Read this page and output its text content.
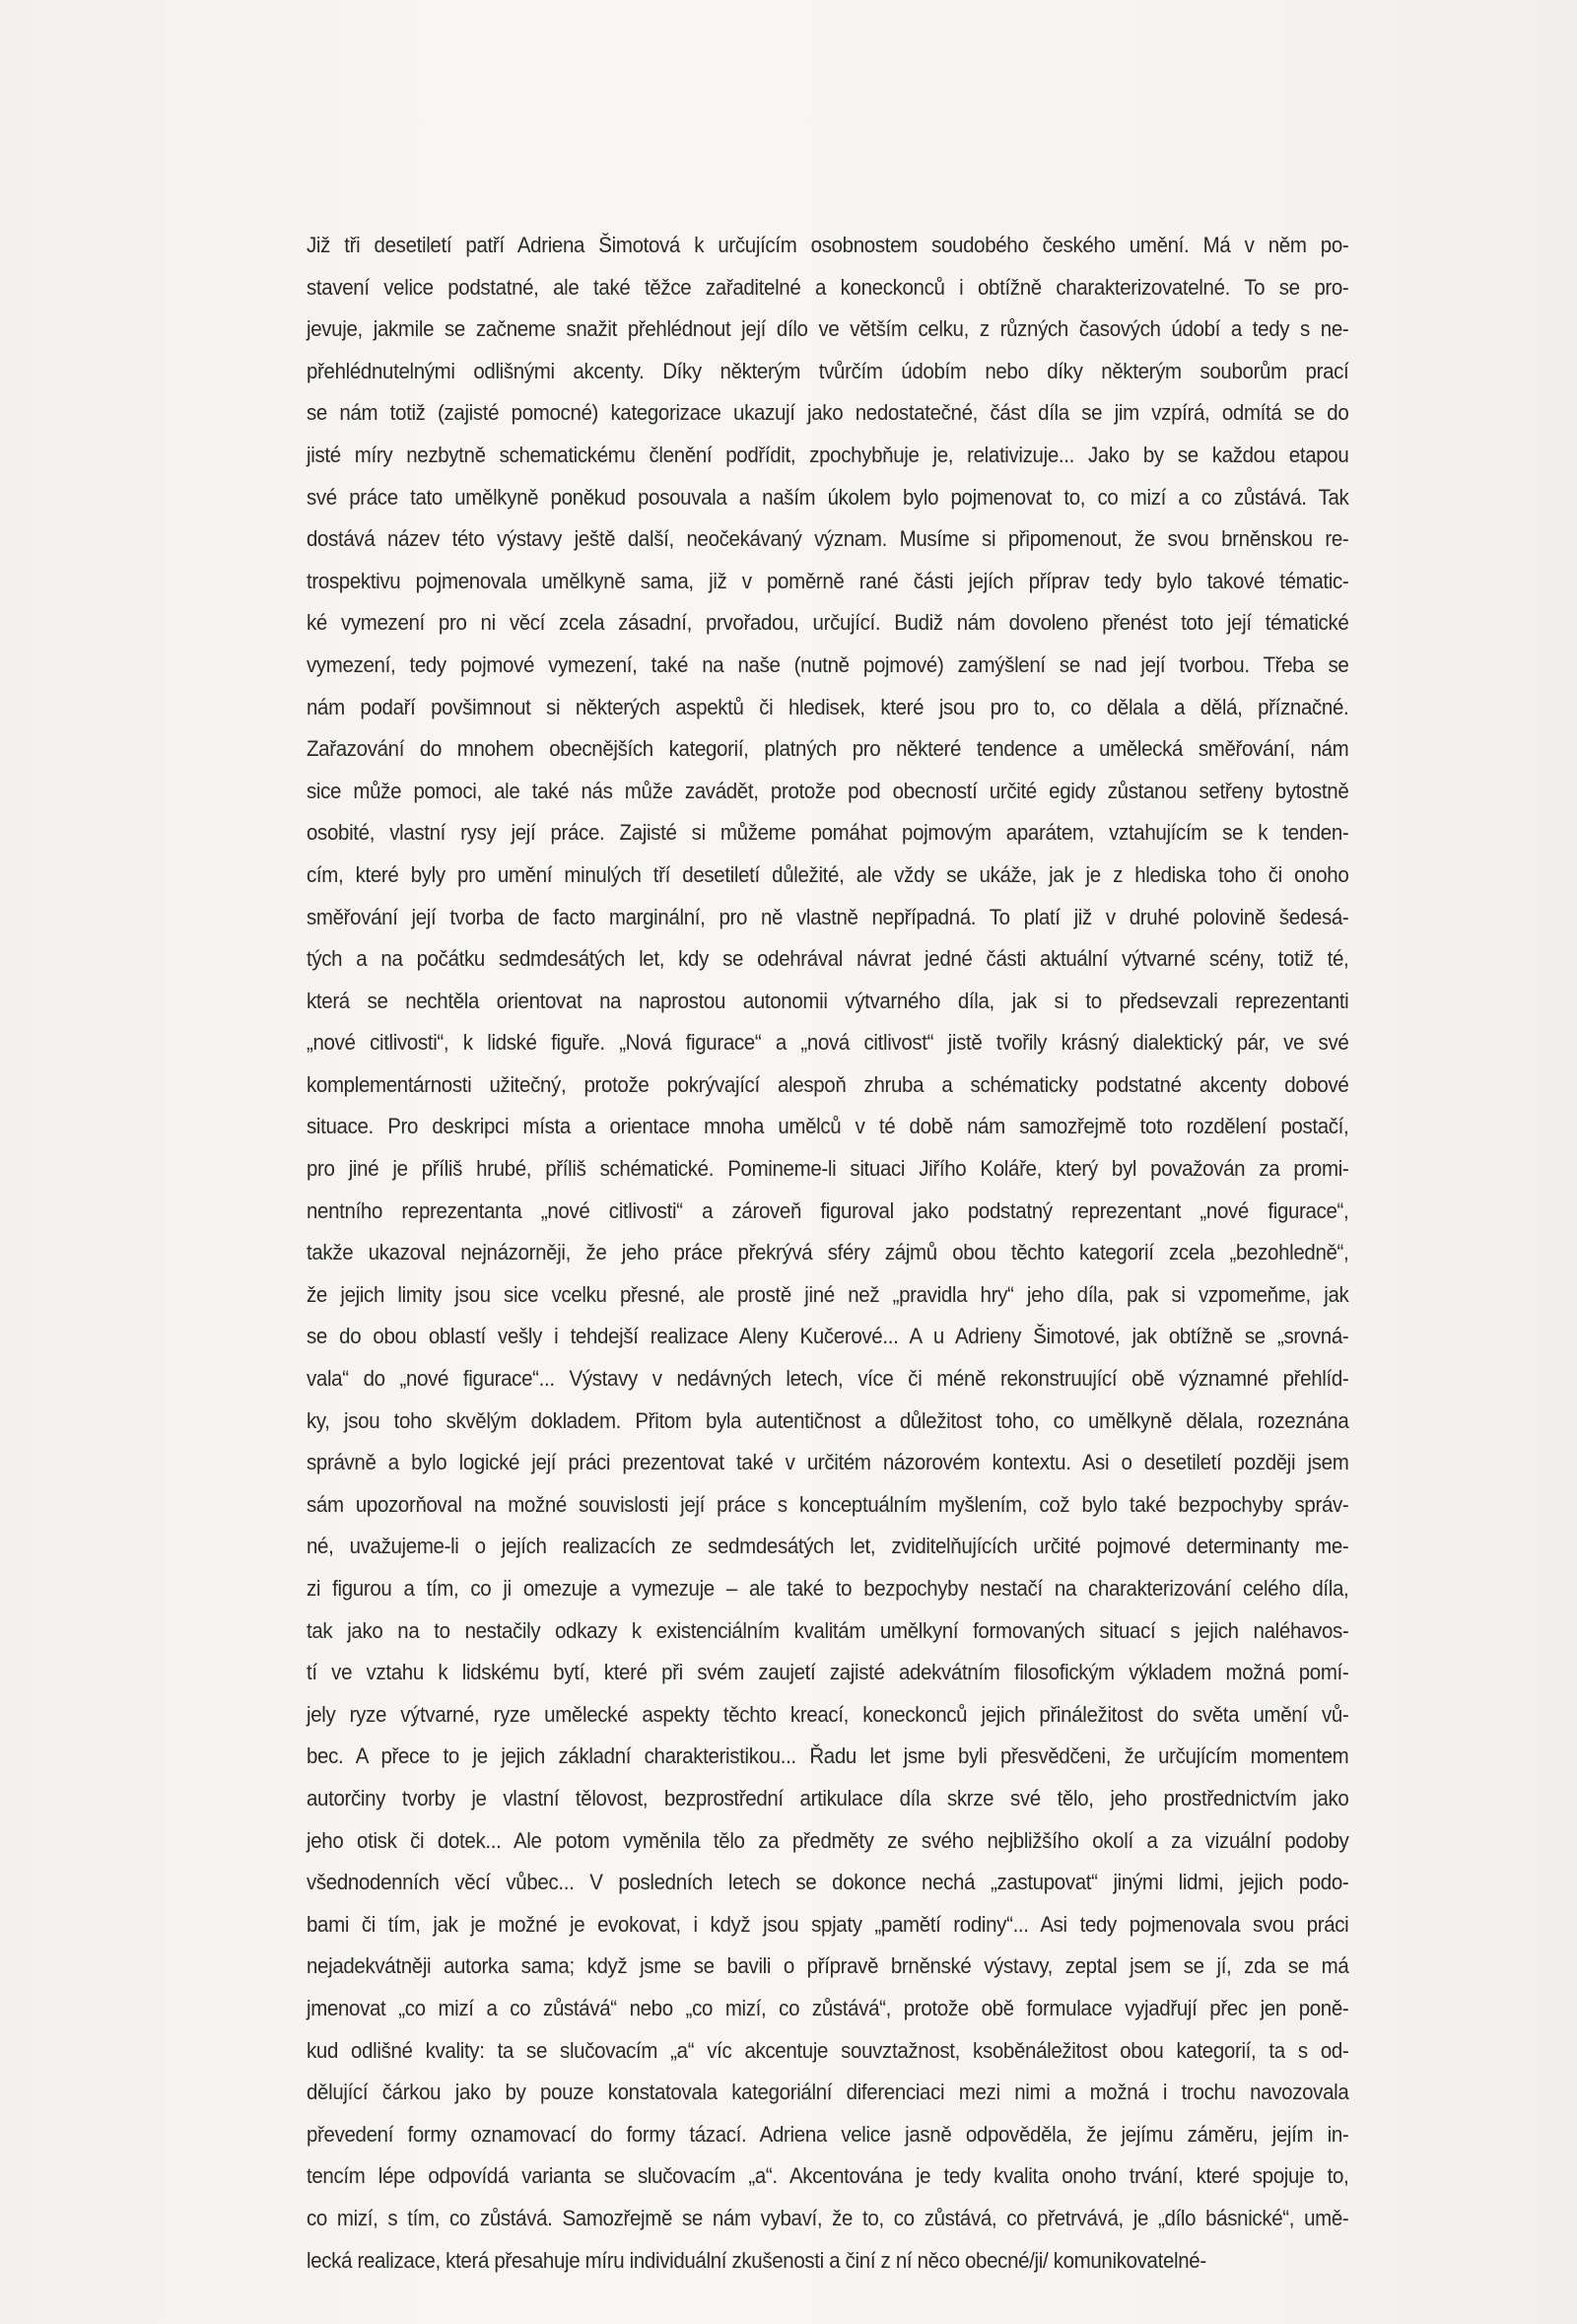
Již tři desetiletí patří Adriena Šimotová k určujícím osobnostem soudobého českého umění. Má v něm po-
stavení velice podstatné, ale také těžce zařaditelné a koneckonců i obtížně charakterizovatelné. To se pro-
jevuje, jakmile se začneme snažit přehlédnout její dílo ve větším celku, z různých časových údobí a tedy s ne-
přehlédnutelnými odlišnými akcenty. Díky některým tvůrčím údobím nebo díky některým souborům prací
se nám totiž (zajisté pomocné) kategorizace ukazují jako nedostatečné, část díla se jim vzpírá, odmítá se do
jisté míry nezbytně schematickému členění podřídit, zpochybňuje je, relativizuje... Jako by se každou etapou
své práce tato umělkyně poněkud posouvala a naším úkolem bylo pojmenovat to, co mizí a co zůstává. Tak
dostává název této výstavy ještě další, neočekávaný význam. Musíme si připomenout, že svou brněnskou re-
trospektivu pojmenovala umělkyně sama, již v poměrně rané části jejích příprav tedy bylo takové tématic-
ké vymezení pro ni věcí zcela zásadní, prvořadou, určující. Budiž nám dovoleno přenést toto její tématické
vymezení, tedy pojmové vymezení, také na naše (nutně pojmové) zamýšlení se nad její tvorbou. Třeba se
nám podaří povšimnout si některých aspektů či hledisek, které jsou pro to, co dělala a dělá, příznačné.
Zařazování do mnohem obecnějších kategorií, platných pro některé tendence a umělecká směřování, nám
sice může pomoci, ale také nás může zavádět, protože pod obecností určité egidy zůstanou setřeny bytostně
osobité, vlastní rysy její práce. Zajisté si můžeme pomáhat pojmovým aparátem, vztahujícím se k tenden-
cím, které byly pro umění minulých tří desetiletí důležité, ale vždy se ukáže, jak je z hlediska toho či onoho
směřování její tvorba de facto marginální, pro ně vlastně nepřípadná. To platí již v druhé polovině šedesá-
tých a na počátku sedmdesátých let, kdy se odehrával návrat jedné části aktuální výtvarné scény, totiž té,
která se nechtěla orientovat na naprostou autonomii výtvarného díla, jak si to předsevzali reprezentanti
„nové citlivosti“, k lidské figuře. „Nová figurace“ a „nová citlivost“ jistě tvořily krásný dialektický pár, ve své
komplementárnosti užitečný, protože pokrývající alespoň zhruba a schématicky podstatné akcenty dobové
situace. Pro deskripci místa a orientace mnoha umělců v té době nám samozřejmě toto rozdělení postačí,
pro jiné je příliš hrubé, příliš schématické. Pomineme-li situaci Jiřího Koláře, který byl považován za promi-
nentního reprezentanta „nové citlivosti“ a zároveň figuroval jako podstatný reprezentant „nové figurace“,
takže ukazoval nejnázorněji, že jeho práce překrývá sféry zájmů obou těchto kategorií zcela „bezohledně“,
že jejich limity jsou sice vcelku přesné, ale prostě jiné než „pravidla hry“ jeho díla, pak si vzpomeňme, jak
se do obou oblastí vešly i tehdejší realizace Aleny Kučerové... A u Adrieny Šimotové, jak obtížně se „srovná-
vala“ do „nové figurace“... Výstavy v nedávných letech, více či méně rekonstruující obě významné přehlíd-
ky, jsou toho skvělým dokladem. Přitom byla autentičnost a důležitost toho, co umělkyně dělala, rozeznána
správně a bylo logické její práci prezentovat také v určitém názorovém kontextu. Asi o desetiletí později jsem
sám upozorňoval na možné souvislosti její práce s konceptuálním myšlením, což bylo také bezpochyby správ-
né, uvažujeme-li o jejích realizacích ze sedmdesátých let, zviditelňujících určité pojmové determinanty me-
zi figurou a tím, co ji omezuje a vymezuje – ale také to bezpochyby nestačí na charakterizování celého díla,
tak jako na to nestačily odkazy k existenciálním kvalitám umělkyní formovaných situací s jejich naléhavos-
tí ve vztahu k lidskému bytí, které při svém zaujetí zajisté adekvátním filosofickým výkladem možná pomí-
jely ryze výtvarné, ryze umělecké aspekty těchto kreací, koneckonců jejich přináležitost do světa umění vů-
bec. A přece to je jejich základní charakteristikou... Řadu let jsme byli přesvědčeni, že určujícím momentem
autorčiny tvorby je vlastní tělovost, bezprostřední artikulace díla skrze své tělo, jeho prostřednictvím jako
jeho otisk či dotek... Ale potom vyměnila tělo za předměty ze svého nejbližšího okolí a za vizuální podoby
všednodenních věcí vůbec... V posledních letech se dokonce nechá „zastupovat“ jinými lidmi, jejich podo-
bami či tím, jak je možné je evokovat, i když jsou spjaty „pamětí rodiny“... Asi tedy pojmenovala svou práci
nejadekvátněji autorka sama; když jsme se bavili o přípravě brněnské výstavy, zeptal jsem se jí, zda se má
jmenovat „co mizí a co zůstává“ nebo „co mizí, co zůstává“, protože obě formulace vyjadřují přec jen poně-
kud odlišné kvality: ta se slučovacím „a“ víc akcentuje souvztažnost, ksoběnáležitost obou kategorií, ta s od-
dělující čárkou jako by pouze konstatovala kategoriální diferenciaci mezi nimi a možná i trochu navozovala
převedení formy oznamovací do formy tázací. Adriena velice jasně odpověděla, že jejímu záměru, jejím in-
tencím lépe odpovídá varianta se slučovacím „a“. Akcentována je tedy kvalita onoho trvání, které spojuje to,
co mizí, s tím, co zůstává. Samozřejmě se nám vybaví, že to, co zůstává, co přetrvává, je „dílo básnické“, umě-
lecká realizace, která přesahuje míru individuální zkušenosti a činí z ní něco obecné/ji/ komunikovatelné-
